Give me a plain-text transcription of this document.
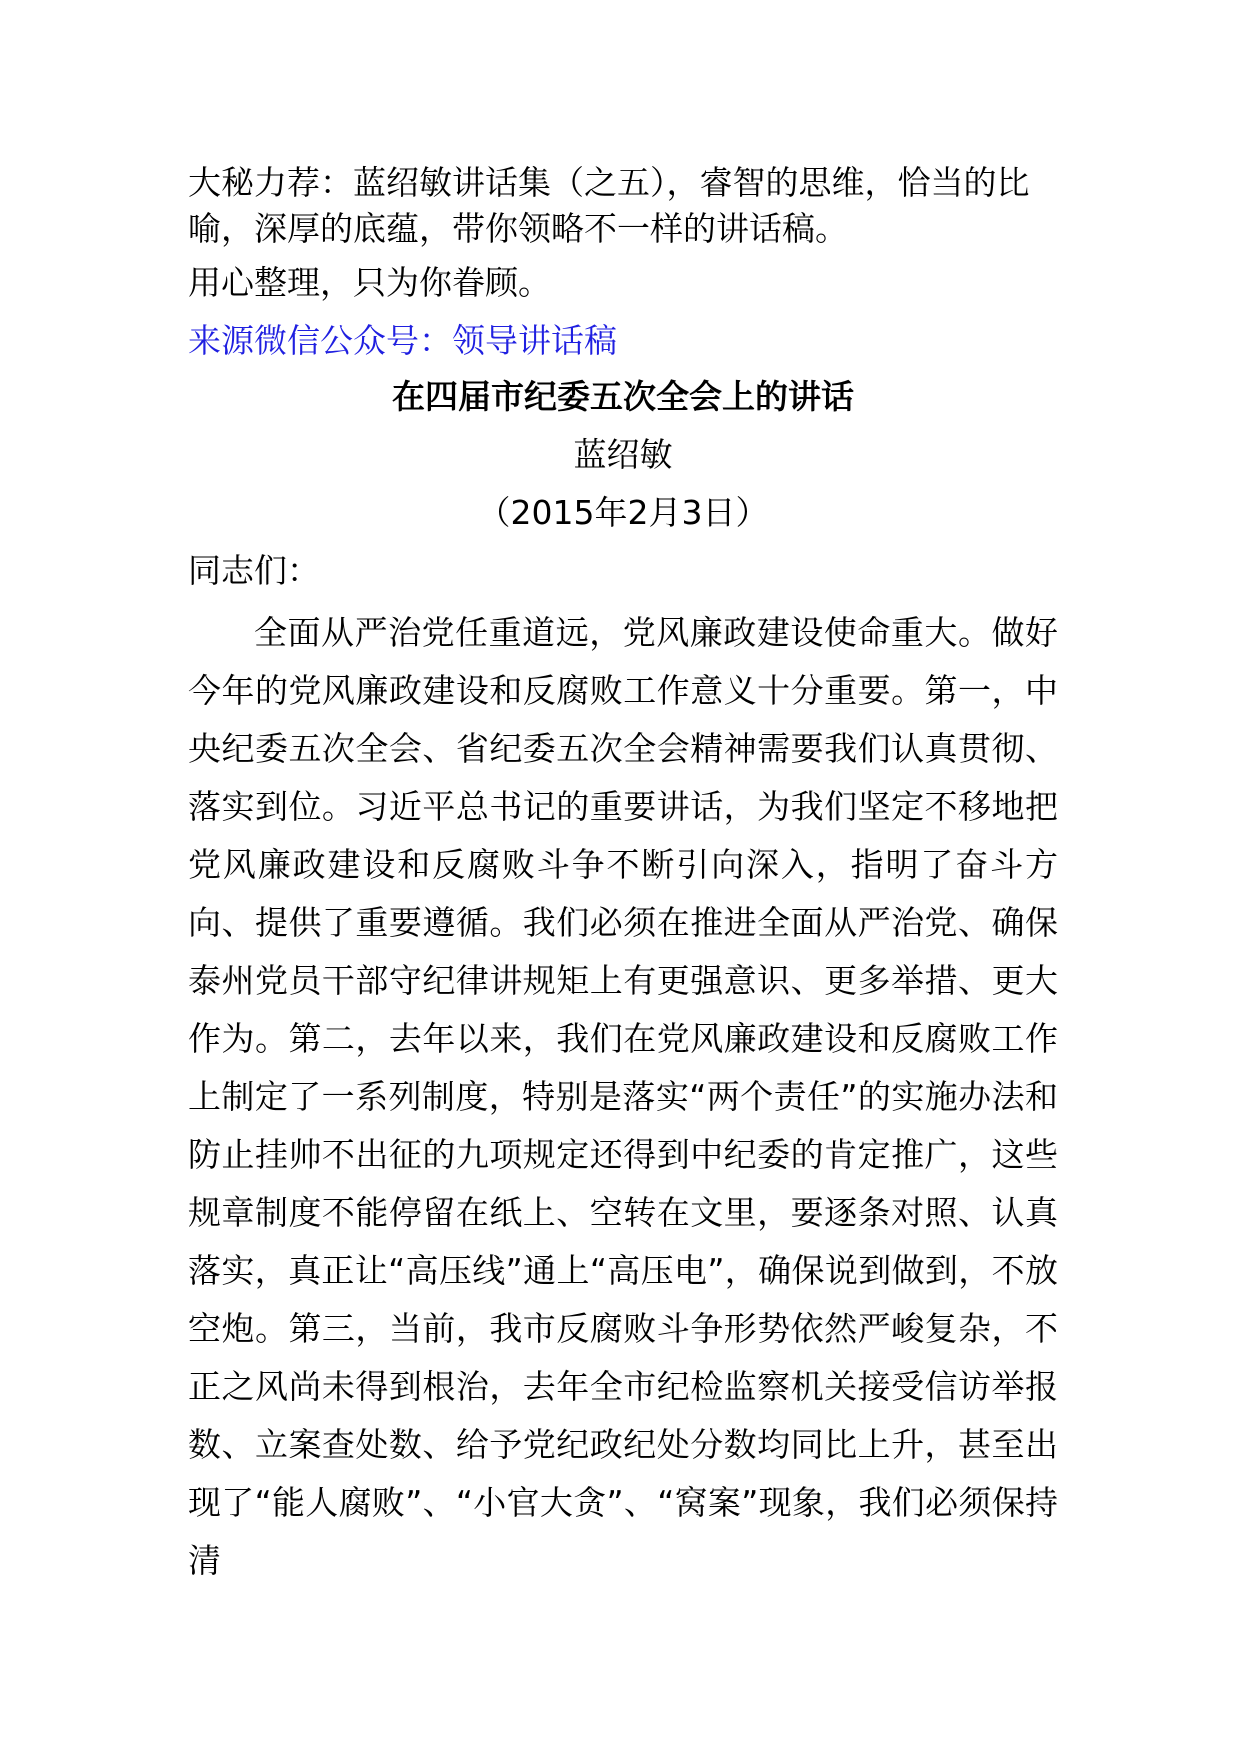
大秘力荐：蓝绍敏讲话集（之五），睿智的思维，恰当的比喻，深厚的底蕴，带你领略不一样的讲话稿。

用心整理，只为你眷顾。

来源微信公众号：领导讲话稿

在四届市纪委五次全会上的讲话

蓝绍敏

（2015年2月3日）

同志们：

全面从严治党任重道远，党风廉政建设使命重大。做好今年的党风廉政建设和反腐败工作意义十分重要。第一，中央纪委五次全会、省纪委五次全会精神需要我们认真贯彻、落实到位。习近平总书记的重要讲话，为我们坚定不移地把党风廉政建设和反腐败斗争不断引向深入，指明了奋斗方向、提供了重要遵循。我们必须在推进全面从严治党、确保泰州党员干部守纪律讲规矩上有更强意识、更多举措、更大作为。第二，去年以来，我们在党风廉政建设和反腐败工作上制定了一系列制度，特别是落实“两个责任”的实施办法和防止挂帅不出征的九项规定还得到中纪委的肯定推广，这些规章制度不能停留在纸上、空转在文里，要逐条对照、认真落实，真正让“高压线”通上“高压电”，确保说到做到，不放空炮。第三，当前，我市反腐败斗争形势依然严峻复杂，不正之风尚未得到根治，去年全市纪检监察机关接受信访举报数、立案查处数、给予党纪政纪处分数均同比上升，甚至出现了“能人腐败”、“小官大贪”、“窝案”现象，我们必须保持清
